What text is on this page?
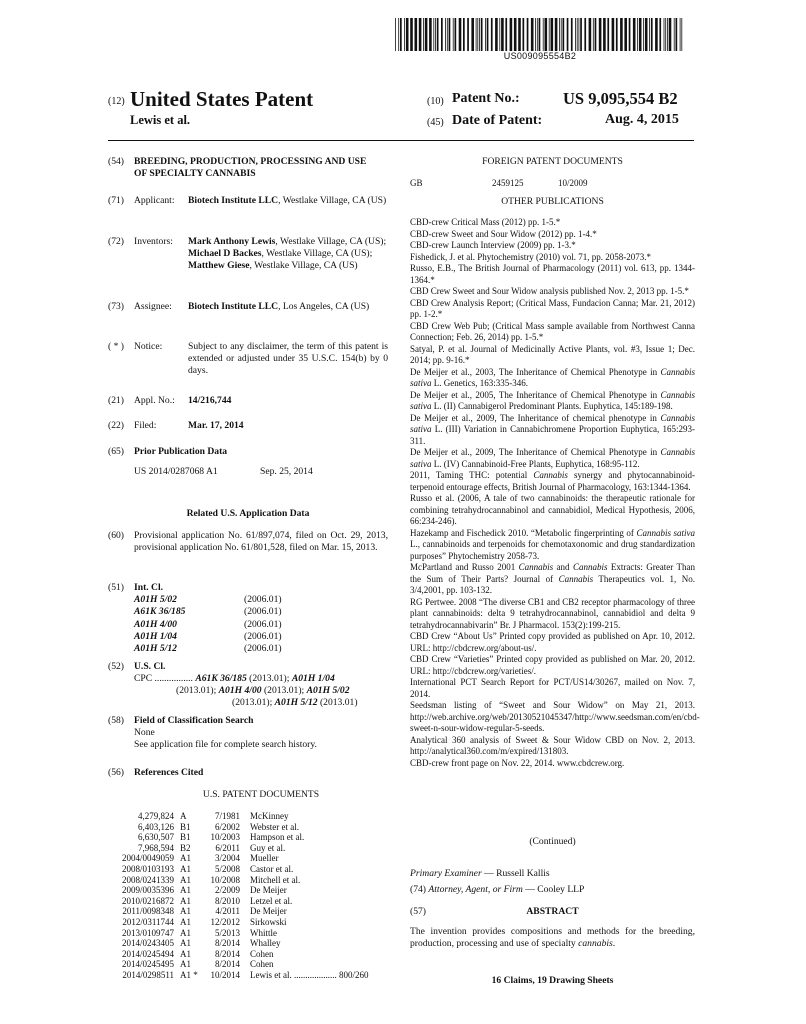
US009095554B2
(12) United States Patent
Lewis et al.
(10) Patent No.:	US 9,095,554 B2
(45) Date of Patent:	Aug. 4, 2015
(54)	BREEDING, PRODUCTION, PROCESSING AND USE OF SPECIALTY CANNABIS
(71)	Applicant:	Biotech Institute LLC, Westlake Village, CA (US)
(72)	Inventors:	Mark Anthony Lewis, Westlake Village, CA (US); Michael D Backes, Westlake Village, CA (US); Matthew Giese, Westlake Village, CA (US)
(73)	Assignee:	Biotech Institute LLC, Los Angeles, CA (US)
( * )	Notice:	Subject to any disclaimer, the term of this patent is extended or adjusted under 35 U.S.C. 154(b) by 0 days.
(21)	Appl. No.:	14/216,744
(22)	Filed:	Mar. 17, 2014
(65)	Prior Publication Data
US 2014/0287068 A1	Sep. 25, 2014
Related U.S. Application Data
(60)	Provisional application No. 61/897,074, filed on Oct. 29, 2013, provisional application No. 61/801,528, filed on Mar. 15, 2013.
(51)	Int. Cl.
A01H 5/02	(2006.01)
A61K 36/185	(2006.01)
A01H 4/00	(2006.01)
A01H 1/04	(2006.01)
A01H 5/12	(2006.01)
(52)	U.S. Cl.
CPC ................ A61K 36/185 (2013.01); A01H 1/04
(2013.01); A01H 4/00 (2013.01); A01H 5/02
(2013.01); A01H 5/12 (2013.01)
(58)	Field of Classification Search
None
See application file for complete search history.
(56)	References Cited
U.S. PATENT DOCUMENTS
4,279,824	A	7/1981	McKinney
6,403,126	B1	6/2002	Webster et al.
6,630,507	B1	10/2003	Hampson et al.
7,968,594	B2	6/2011	Guy et al.
2004/0049059	A1	3/2004	Mueller
2008/0103193	A1	5/2008	Castor et al.
2008/0241339	A1	10/2008	Mitchell et al.
2009/0035396	A1	2/2009	De Meijer
2010/0216872	A1	8/2010	Letzel et al.
2011/0098348	A1	4/2011	De Meijer
2012/0311744	A1	12/2012	Sirkowski
2013/0109747	A1	5/2013	Whittle
2014/0243405	A1	8/2014	Whalley
2014/0245494	A1	8/2014	Cohen
2014/0245495	A1	8/2014	Cohen
2014/0298511	A1 *	10/2014	Lewis et al. ................... 800/260
FOREIGN PATENT DOCUMENTS
GB	2459125	10/2009
OTHER PUBLICATIONS
CBD-crew Critical Mass (2012) pp. 1-5.*
CBD-crew Sweet and Sour Widow (2012) pp. 1-4.*
CBD-crew Launch Interview (2009) pp. 1-3.*
Fishedick, J. et al. Phytochemistry (2010) vol. 71, pp. 2058-2073.*
Russo, E.B., The British Journal of Pharmacology (2011) vol. 613, pp. 1344-1364.*
CBD Crew Sweet and Sour Widow analysis published Nov. 2, 2013 pp. 1-5.*
CBD Crew Analysis Report; (Critical Mass, Fundacion Canna; Mar. 21, 2012) pp. 1-2.*
CBD Crew Web Pub; (Critical Mass sample available from Northwest Canna Connection; Feb. 26, 2014) pp. 1-5.*
Satyal, P. et al. Journal of Medicinally Active Plants, vol. #3, Issue 1; Dec. 2014; pp. 9-16.*
De Meijer et al., 2003, The Inheritance of Chemical Phenotype in Cannabis sativa L. Genetics, 163:335-346.
De Meijer et al., 2005, The Inheritance of Chemical Phenotype in Cannabis sativa L. (II) Cannabigerol Predominant Plants. Euphytica, 145:189-198.
De Meijer et al., 2009, The Inheritance of chemical phenotype in Cannabis sativa L. (III) Variation in Cannabichromene Proportion Euphytica, 165:293-311.
De Meijer et al., 2009, The Inheritance of Chemical Phenotype in Cannabis sativa L. (IV) Cannabinoid-Free Plants, Euphytica, 168:95-112.
2011, Taming THC: potential Cannabis synergy and phytocannabinoid-terpenoid entourage effects, British Journal of Pharmacology, 163:1344-1364.
Russo et al. (2006, A tale of two cannabinoids: the therapeutic rationale for combining tetrahydrocannabinol and cannabidiol, Medical Hypothesis, 2006, 66:234-246).
Hazekamp and Fischedick 2010. “Metabolic fingerprinting of Cannabis sativa L., cannabinoids and terpenoids for chemotaxonomic and drug standardization purposes” Phytochemistry 2058-73.
McPartland and Russo 2001 Cannabis and Cannabis Extracts: Greater Than the Sum of Their Parts? Journal of Cannabis Therapeutics vol. 1, No. 3/4,2001, pp. 103-132.
RG Pertwee. 2008 “The diverse CB1 and CB2 receptor pharmacology of three plant cannabinoids: delta 9 tetrahydrocannabinol, cannabidiol and delta 9 tetrahydrocannabivarin” Br. J Pharmacol. 153(2):199-215.
CBD Crew “About Us” Printed copy provided as published on Apr. 10, 2012. URL: http://cbdcrew.org/about-us/.
CBD Crew “Varieties” Printed copy provided as published on Mar. 20, 2012. URL: http://cbdcrew.org/varieties/.
International PCT Search Report for PCT/US14/30267, mailed on Nov. 7, 2014.
Seedsman listing of “Sweet and Sour Widow” on May 21, 2013. http://web.archive.org/web/20130521045347/http://www.seedsman.com/en/cbd-sweet-n-sour-widow-regular-5-seeds.
Analytical 360 analysis of Sweet & Sour Widow CBD on Nov. 2, 2013. http://analytical360.com/m/expired/131803.
CBD-crew front page on Nov. 22, 2014. www.cbdcrew.org.
(Continued)
Primary Examiner — Russell Kallis
(74) Attorney, Agent, or Firm — Cooley LLP
(57)	ABSTRACT
The invention provides compositions and methods for the breeding, production, processing and use of specialty cannabis.
16 Claims, 19 Drawing Sheets
